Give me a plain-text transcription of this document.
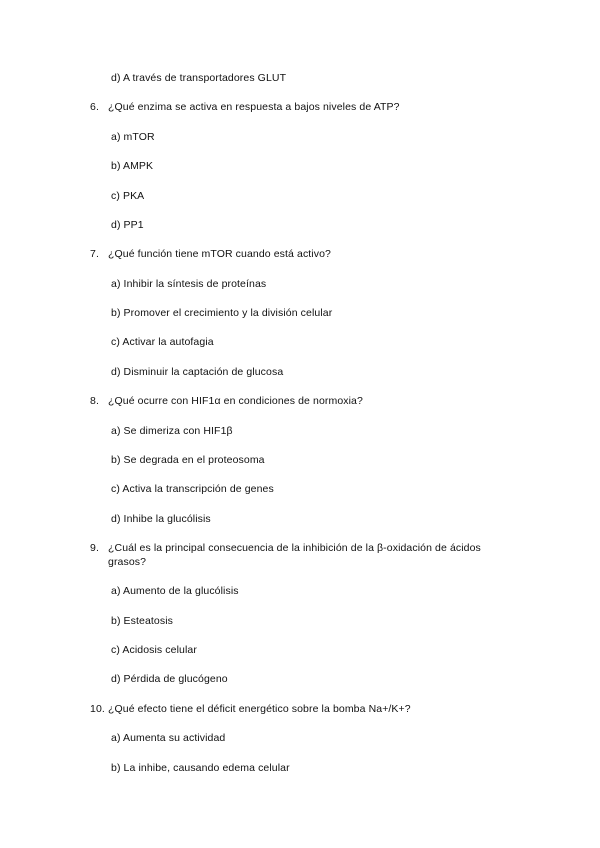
d) A través de transportadores GLUT
6. ¿Qué enzima se activa en respuesta a bajos niveles de ATP?
a) mTOR
b) AMPK
c) PKA
d) PP1
7. ¿Qué función tiene mTOR cuando está activo?
a) Inhibir la síntesis de proteínas
b) Promover el crecimiento y la división celular
c) Activar la autofagia
d) Disminuir la captación de glucosa
8. ¿Qué ocurre con HIF1α en condiciones de normoxia?
a) Se dimeriza con HIF1β
b) Se degrada en el proteosoma
c) Activa la transcripción de genes
d) Inhibe la glucólisis
9. ¿Cuál es la principal consecuencia de la inhibición de la β-oxidación de ácidos
grasos?
a) Aumento de la glucólisis
b) Esteatosis
c) Acidosis celular
d) Pérdida de glucógeno
10. ¿Qué efecto tiene el déficit energético sobre la bomba Na+/K+?
a) Aumenta su actividad
b) La inhibe, causando edema celular
